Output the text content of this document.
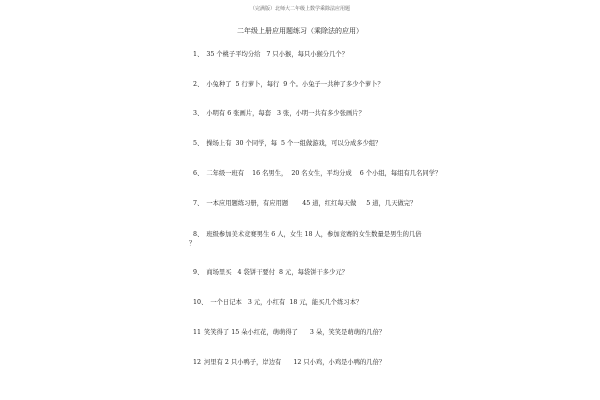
（完满版）北师大二年级上数学乘除法应用题
二年级上册应用题练习（乘除法的应用）

1、 35 个桃子平均分给   7 只小猴，每只小猴分几个？

2、 小兔种了  5 行萝卜，每行  9 个。小兔子一共种了多少个萝卜？

3、 小明有 6 张画片，每套   3 张，小明一共有多少张画片？

5、 操场上有  30 个同学，每  5 个一组做游戏，可以分成多少组？

6、 二年级一班有    16 名男生，  20 名女生，平均分成    6 个小组，每组有几名同学？

7、 一本应用题练习册，有应用题       45 道，红红每天做     5 道，几天做完？

8、 班级参加美术竞赛男生 6 人，女生 18 人，参加竞赛的女生数量是男生的几倍
？

9、 商场里买   4 袋饼干要付  8 元，每袋饼干多少元？

10、 一个日记本   3 元，小红有  18 元，能买几个练习本？

11 笑笑得了 15 朵小红花，萌萌得了      3 朵，笑笑是萌萌的几倍？

12 河里有 2 只小鸭子，岸边有      12 只小鸡，小鸡是小鸭的几倍？
